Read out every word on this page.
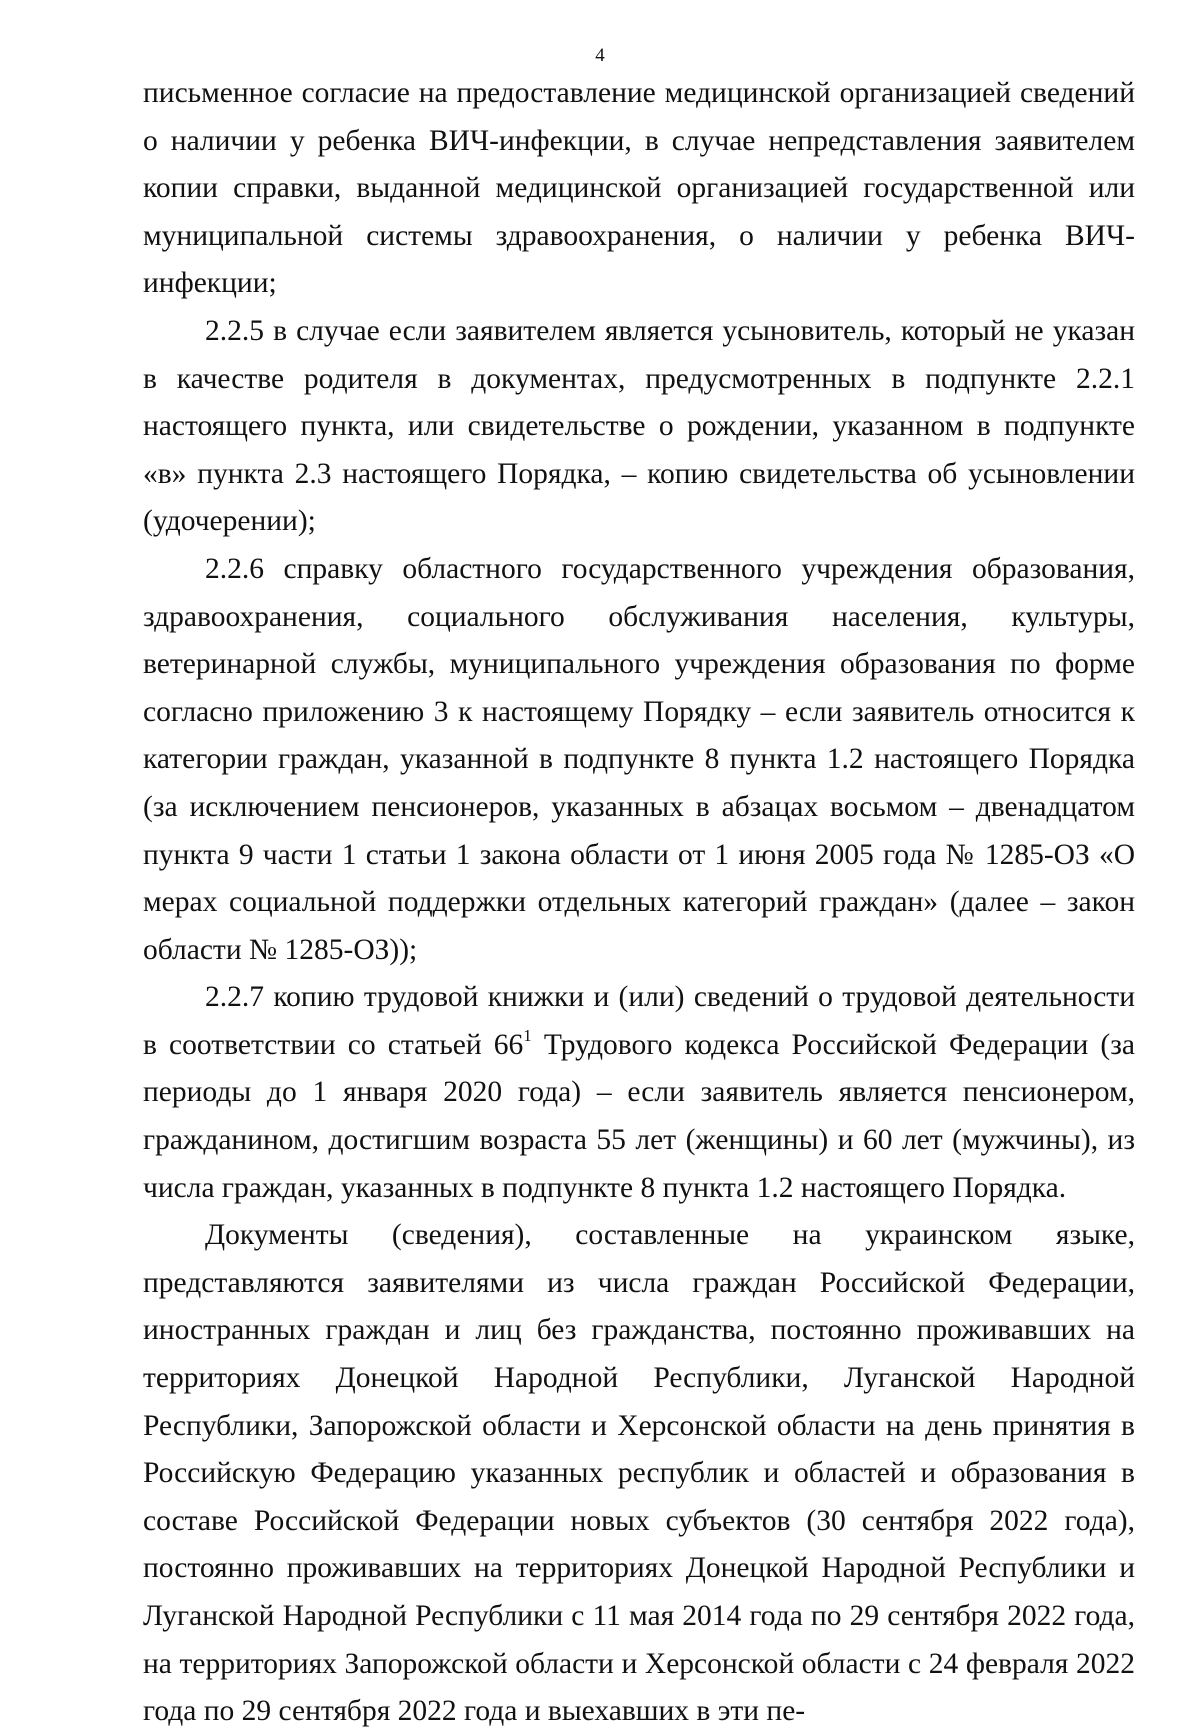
4

письменное согласие на предоставление медицинской организацией сведений о наличии у ребенка ВИЧ-инфекции, в случае непредставления заявителем копии справки, выданной медицинской организацией государственной или муниципальной системы здравоохранения, о наличии у ребенка ВИЧ-инфекции;

2.2.5 в случае если заявителем является усыновитель, который не указан в качестве родителя в документах, предусмотренных в подпункте 2.2.1 настоящего пункта, или свидетельстве о рождении, указанном в подпункте «в» пункта 2.3 настоящего Порядка, – копию свидетельства об усыновлении (удочерении);

2.2.6 справку областного государственного учреждения образования, здравоохранения, социального обслуживания населения, культуры, ветеринарной службы, муниципального учреждения образования по форме согласно приложению 3 к настоящему Порядку – если заявитель относится к категории граждан, указанной в подпункте 8 пункта 1.2 настоящего Порядка (за исключением пенсионеров, указанных в абзацах восьмом – двенадцатом пункта 9 части 1 статьи 1 закона области от 1 июня 2005 года № 1285-ОЗ «О мерах социальной поддержки отдельных категорий граждан» (далее – закон области № 1285-ОЗ));

2.2.7 копию трудовой книжки и (или) сведений о трудовой деятельности в соответствии со статьей $66^1$ Трудового кодекса Российской Федерации (за периоды до 1 января 2020 года) – если заявитель является пенсионером, гражданином, достигшим возраста 55 лет (женщины) и 60 лет (мужчины), из числа граждан, указанных в подпункте 8 пункта 1.2 настоящего Порядка.

Документы (сведения), составленные на украинском языке, представляются заявителями из числа граждан Российской Федерации, иностранных граждан и лиц без гражданства, постоянно проживавших на территориях Донецкой Народной Республики, Луганской Народной Республики, Запорожской области и Херсонской области на день принятия в Российскую Федерацию указанных республик и областей и образования в составе Российской Федерации новых субъектов (30 сентября 2022 года), постоянно проживавших на территориях Донецкой Народной Республики и Луганской Народной Республики с 11 мая 2014 года по 29 сентября 2022 года, на территориях Запорожской области и Херсонской области с 24 февраля 2022 года по 29 сентября 2022 года и выехавших в эти пе-
